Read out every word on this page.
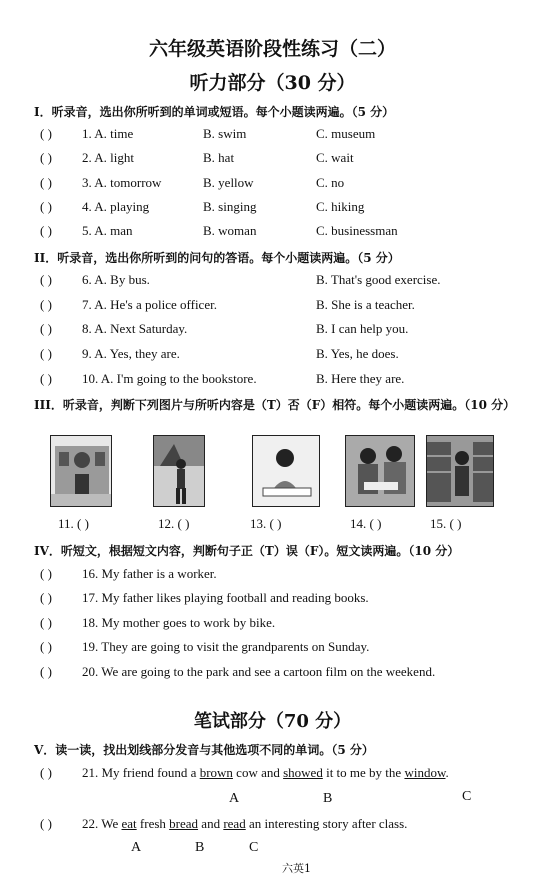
六年级英语阶段性练习（二）
听力部分（30 分）
I．听录音，选出你所听到的单词或短语。每个小题读两遍。（5 分）
( ) 1. A. time	B. swim	C. museum
( ) 2. A. light	B. hat	C. wait
( ) 3. A. tomorrow	B. yellow	C. no
( ) 4. A. playing	B. singing	C. hiking
( ) 5. A. man	B. woman	C. businessman
II．听录音，选出你所听到的问句的答语。每个小题读两遍。（5 分）
( ) 6. A. By bus.	B. That's good exercise.
( ) 7. A. He's a police officer.	B. She is a teacher.
( ) 8. A. Next Saturday.	B. I can help you.
( ) 9. A. Yes, they are.	B. Yes, he does.
( ) 10. A. I'm going to the bookstore.	B. Here they are.
III．听录音，判断下列图片与所听内容是（T）否（F）相符。每个小题读两遍。（10 分）
11. ( )	12. ( )	13. ( )	14. ( )	15. ( )
IV．听短文，根据短文内容，判断句子正（T）误（F）。短文读两遍。（10 分）
( ) 16. My father is a worker.
( ) 17. My father likes playing football and reading books.
( ) 18. My mother goes to work by bike.
( ) 19. They are going to visit the grandparents on Sunday.
( ) 20. We are going to the park and see a cartoon film on the weekend.
笔试部分（70 分）
V．读一读，找出划线部分发音与其他选项不同的单词。（5 分）
( ) 21. My friend found a brown cow and showed it to me by the window.
A	B	C
( ) 22. We eat fresh bread and read an interesting story after class.
A	B	C
六英1
